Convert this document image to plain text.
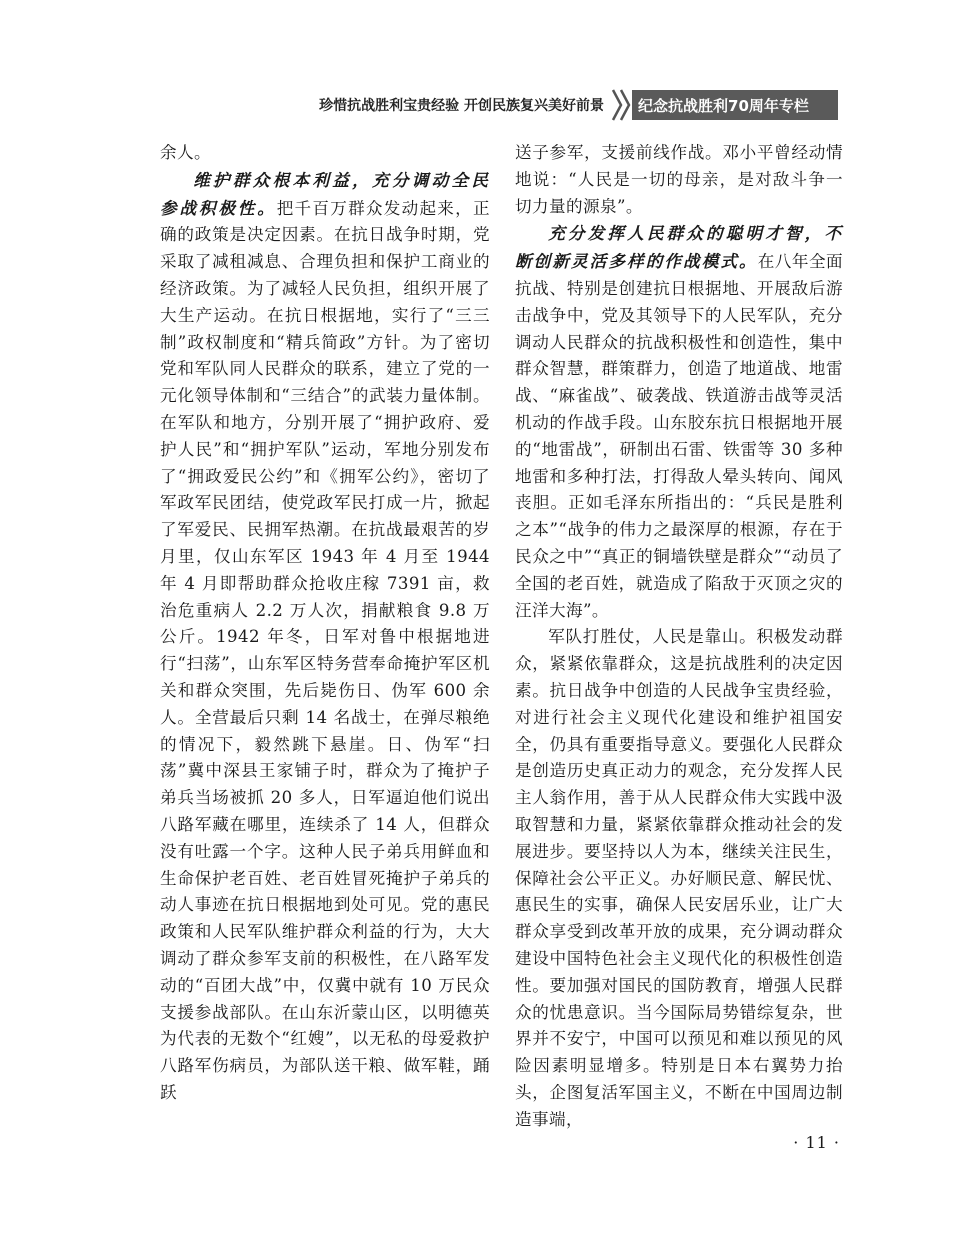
珍惜抗战胜利宝贵经验 开创民族复兴美好前景	纪念抗战胜利70周年专栏

余人。

维护群众根本利益，充分调动全民参战积极性。把千百万群众发动起来，正确的政策是决定因素。在抗日战争时期，党采取了减租减息、合理负担和保护工商业的经济政策。为了减轻人民负担，组织开展了大生产运动。在抗日根据地，实行了“三三制”政权制度和“精兵简政”方针。为了密切党和军队同人民群众的联系，建立了党的一元化领导体制和“三结合”的武装力量体制。在军队和地方，分别开展了“拥护政府、爱护人民”和“拥护军队”运动，军地分别发布了“拥政爱民公约”和《拥军公约》，密切了军政军民团结，使党政军民打成一片，掀起了军爱民、民拥军热潮。在抗战最艰苦的岁月里，仅山东军区 1943 年 4 月至 1944 年 4 月即帮助群众抢收庄稼 7391 亩，救治危重病人 2.2 万人次，捐献粮食 9.8 万公斤。1942 年冬，日军对鲁中根据地进行“扫荡”，山东军区特务营奉命掩护军区机关和群众突围，先后毙伤日、伪军 600 余人。全营最后只剩 14 名战士，在弹尽粮绝的情况下，毅然跳下悬崖。日、伪军“扫荡”冀中深县王家铺子时，群众为了掩护子弟兵当场被抓 20 多人，日军逼迫他们说出八路军藏在哪里，连续杀了 14 人，但群众没有吐露一个字。这种人民子弟兵用鲜血和生命保护老百姓、老百姓冒死掩护子弟兵的动人事迹在抗日根据地到处可见。党的惠民政策和人民军队维护群众利益的行为，大大调动了群众参军支前的积极性，在八路军发动的“百团大战”中，仅冀中就有 10 万民众支援参战部队。在山东沂蒙山区，以明德英为代表的无数个“红嫂”，以无私的母爱救护八路军伤病员，为部队送干粮、做军鞋，踊跃

送子参军，支援前线作战。邓小平曾经动情地说：“人民是一切的母亲，是对敌斗争一切力量的源泉”。

充分发挥人民群众的聪明才智，不断创新灵活多样的作战模式。在八年全面抗战、特别是创建抗日根据地、开展敌后游击战争中，党及其领导下的人民军队，充分调动人民群众的抗战积极性和创造性，集中群众智慧，群策群力，创造了地道战、地雷战、“麻雀战”、破袭战、铁道游击战等灵活机动的作战手段。山东胶东抗日根据地开展的“地雷战”，研制出石雷、铁雷等 30 多种地雷和多种打法，打得敌人晕头转向、闻风丧胆。正如毛泽东所指出的：“兵民是胜利之本”“战争的伟力之最深厚的根源，存在于民众之中”“真正的铜墙铁壁是群众”“动员了全国的老百姓，就造成了陷敌于灭顶之灾的汪洋大海”。

军队打胜仗，人民是靠山。积极发动群众，紧紧依靠群众，这是抗战胜利的决定因素。抗日战争中创造的人民战争宝贵经验，对进行社会主义现代化建设和维护祖国安全，仍具有重要指导意义。要强化人民群众是创造历史真正动力的观念，充分发挥人民主人翁作用，善于从人民群众伟大实践中汲取智慧和力量，紧紧依靠群众推动社会的发展进步。要坚持以人为本，继续关注民生，保障社会公平正义。办好顺民意、解民忧、惠民生的实事，确保人民安居乐业，让广大群众享受到改革开放的成果，充分调动群众建设中国特色社会主义现代化的积极性创造性。要加强对国民的国防教育，增强人民群众的忧患意识。当今国际局势错综复杂，世界并不安宁，中国可以预见和难以预见的风险因素明显增多。特别是日本右翼势力抬头，企图复活军国主义，不断在中国周边制造事端，

· 11 ·
